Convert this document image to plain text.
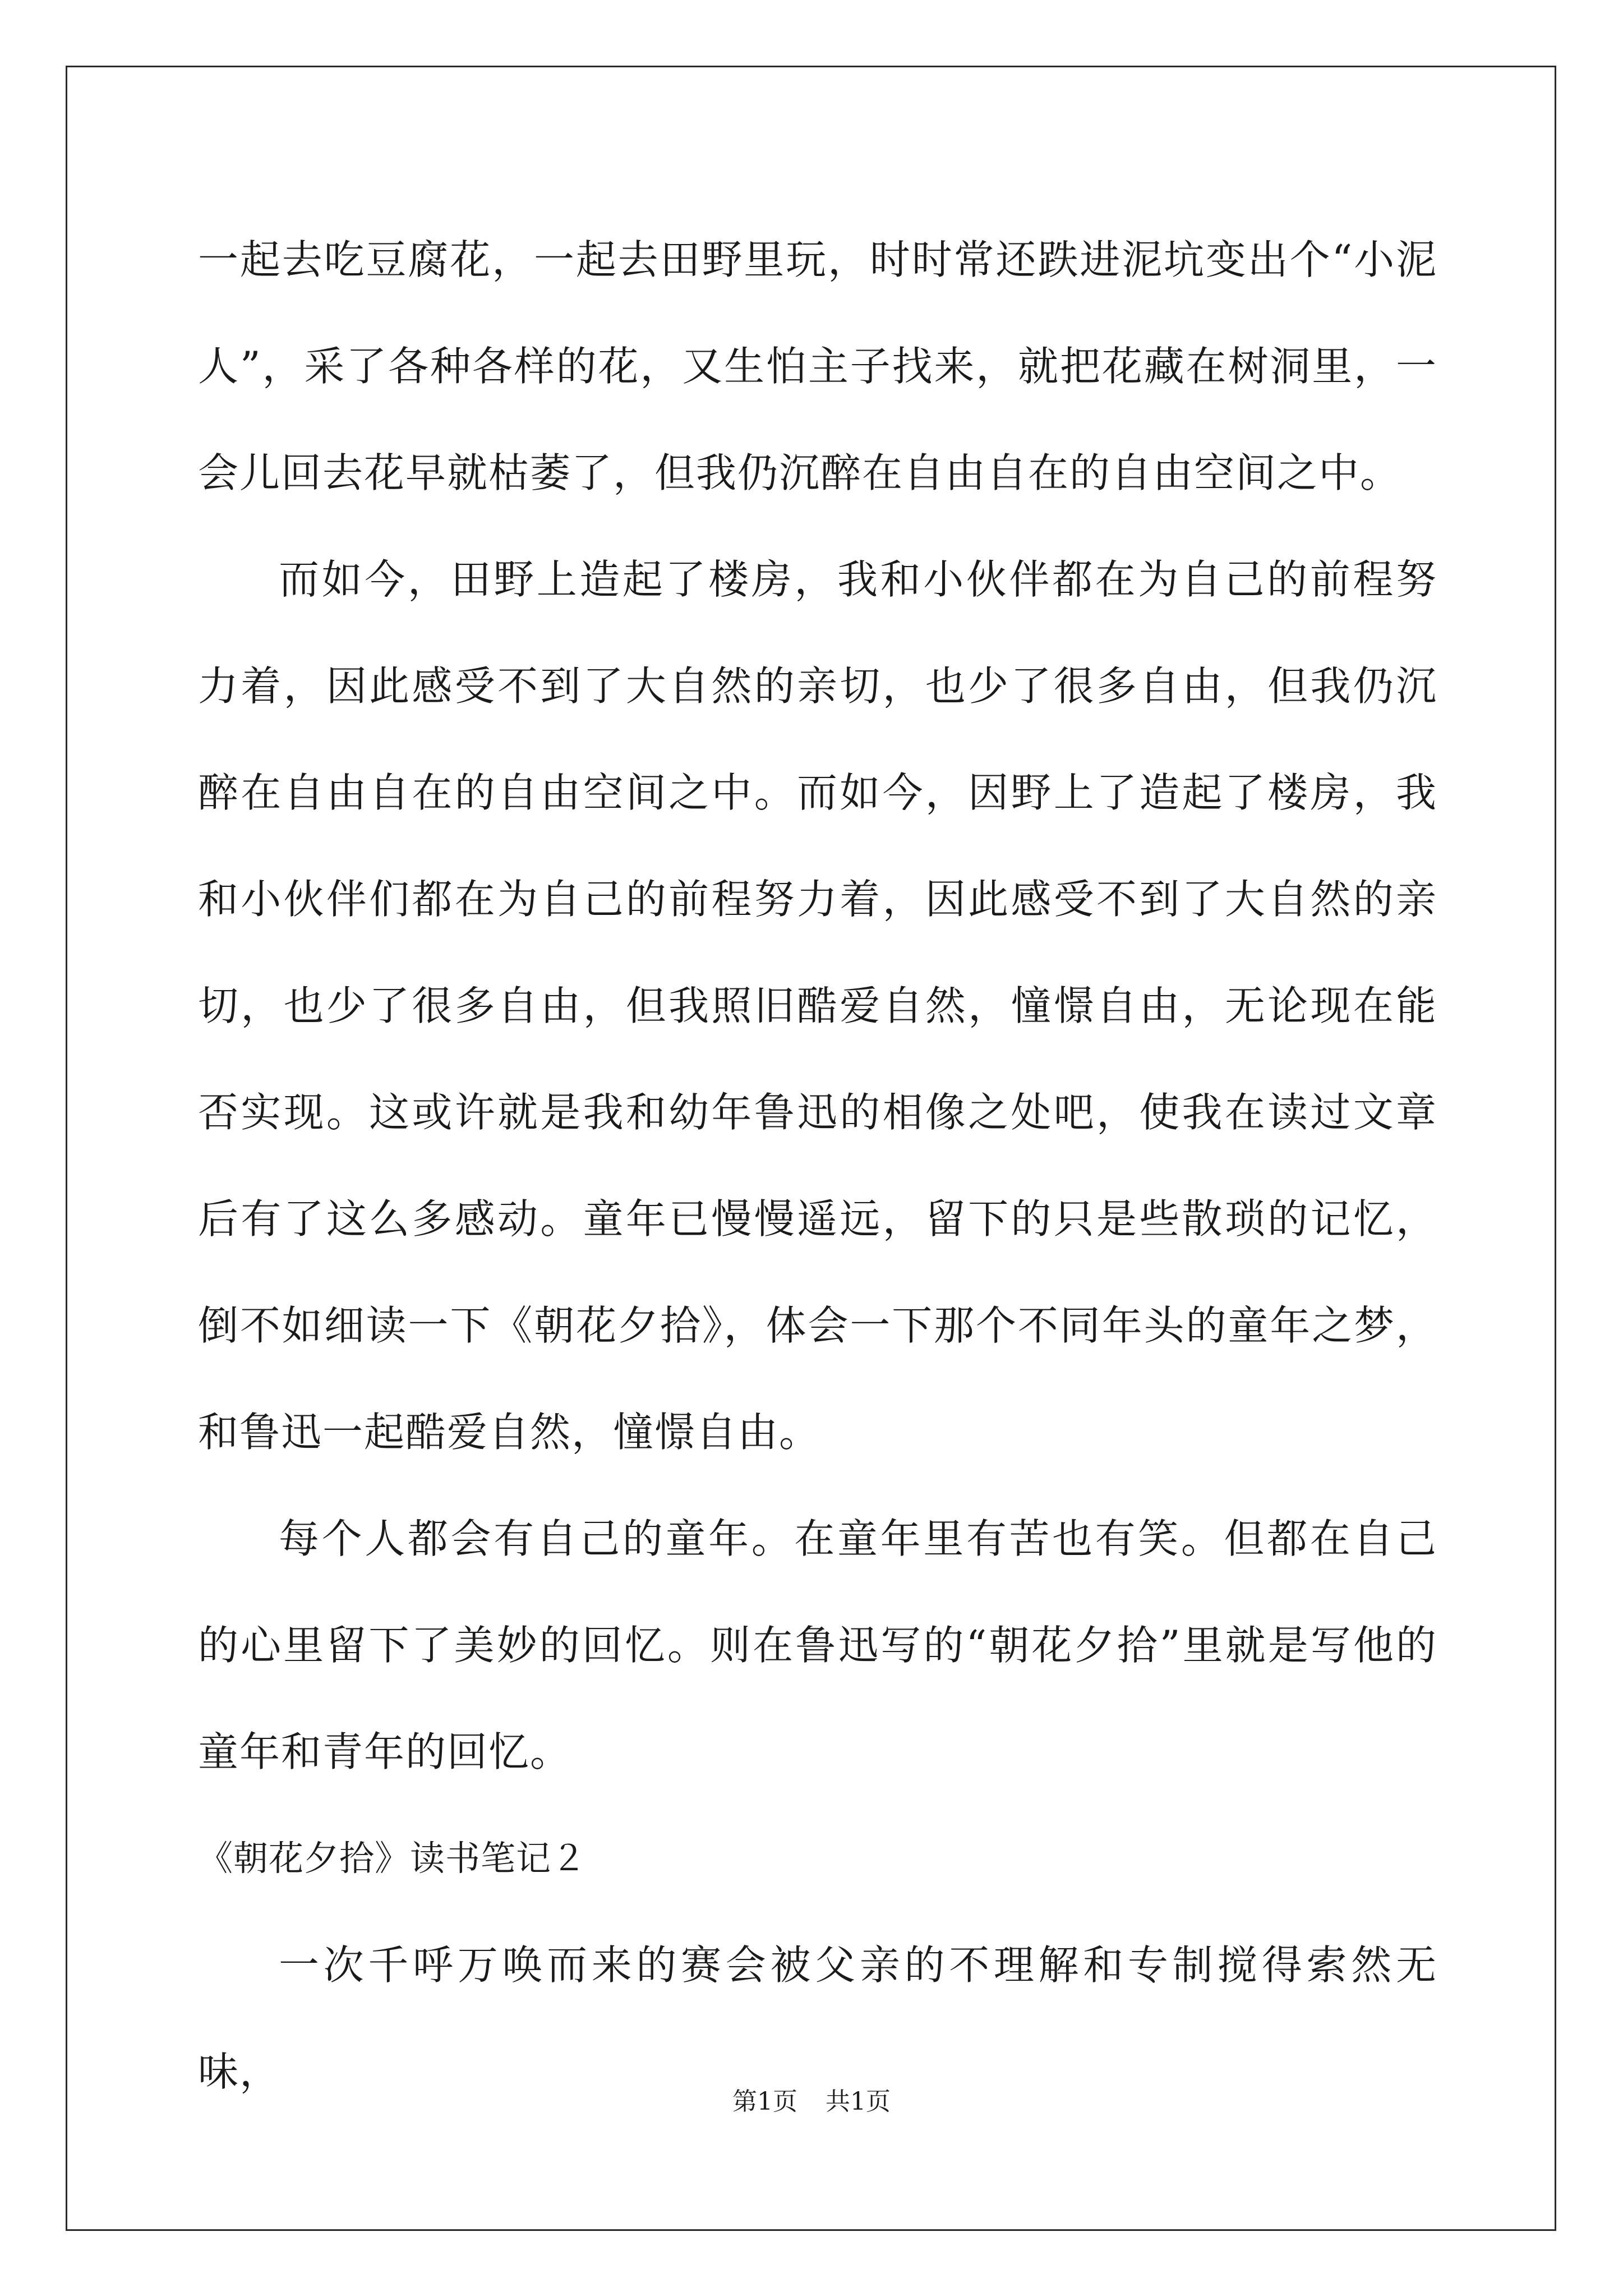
一起去吃豆腐花，一起去田野里玩，时时常还跌进泥坑变出个“小泥人”，采了各种各样的花，又生怕主子找来，就把花藏在树洞里，一会儿回去花早就枯萎了，但我仍沉醉在自由自在的自由空间之中。

而如今，田野上造起了楼房，我和小伙伴都在为自己的前程努力着，因此感受不到了大自然的亲切，也少了很多自由，但我仍沉醉在自由自在的自由空间之中。而如今，因野上了造起了楼房，我和小伙伴们都在为自己的前程努力着，因此感受不到了大自然的亲切，也少了很多自由，但我照旧酷爱自然，憧憬自由，无论现在能否实现。这或许就是我和幼年鲁迅的相像之处吧，使我在读过文章后有了这么多感动。童年已慢慢遥远，留下的只是些散琐的记忆，倒不如细读一下《朝花夕拾》，体会一下那个不同年头的童年之梦，和鲁迅一起酷爱自然，憧憬自由。

每个人都会有自己的童年。在童年里有苦也有笑。但都在自己的心里留下了美妙的回忆。则在鲁迅写的“朝花夕拾”里就是写他的童年和青年的回忆。

《朝花夕拾》读书笔记２

一次千呼万唤而来的赛会被父亲的不理解和专制搅得索然无味，

第1页 共1页
